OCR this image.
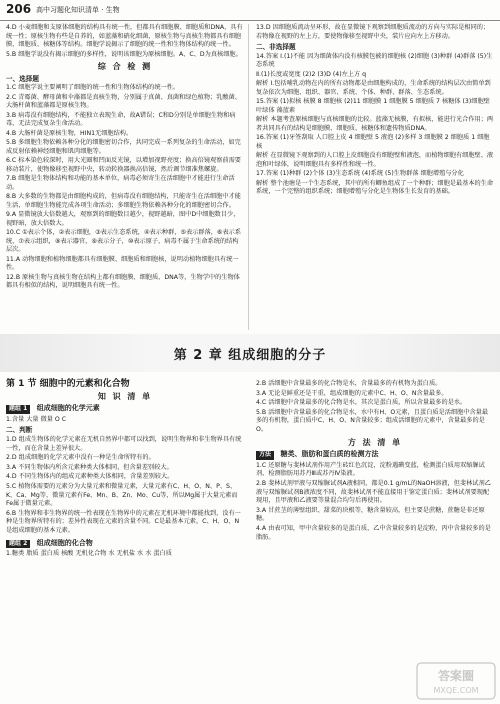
206 高中习题化知识清单 · 生物

4.D 小麦细胞和支原体细胞的结构具有统一性，但都具有细胞膜、细胞质和DNA，具有统一性；原核生物有些是自养的，如蓝藻和硝化细菌，原核生物与真核生物都具有细胞膜、细胞质、核糖体等结构。细胞学说揭示了细胞的统一性和生物体结构的统一性。

5.B 细胞学说没有揭示细胞的多样性，说明该细胞为原核细胞。A、C、D为真核细胞。

综 合 检 测
一、选择题

1.C 细胞学说主要阐明了细胞的统一性和生物体结构的统一性。

2.C 青霉菌、酵母菌和伞藻都是真核生物，分别属于真菌、真菌和绿色植物；乳酸菌、大肠杆菌和蓝藻都是原核生物。

3.B 病毒没有细胞结构，不能独立表现生命，故A错误；C和D分别是单细胞生物和病毒，无法完成复杂生命活动。

4.B 大肠杆菌是原核生物，HIN1无细胞结构。

5.B 多细胞生物依赖各种分化的细胞密切合作，共同完成一系列复杂的生命活动，如完成反射依赖神经细胞和肌肉细胞等。

6.C 标本染色较深时，用大光圈和凹面反光镜，以增加视野亮度；换高倍镜观察前需要移动装片，使物像移至视野中央，转动转换器换高倍镜，然后调节细准焦螺旋。

7.B 细胞是生物体结构和功能的基本单位，病毒必须寄生在活细胞中才能进行生命活动。

8.B 大多数的生物都是由细胞构成的，但病毒没有细胞结构，只能寄生在活细胞中才能生活，单细胞生物能完成各项生命活动；多细胞生物依赖各种分化的细胞密切合作。

9.A 显微镜放大倍数越大，观察到的细胞数目越少，视野越暗，图中D中细胞数目少，视野暗，放大倍数大。

10.C ①表示个体，②表示细胞，③表示生态系统，④表示种群，⑤表示群落，⑥表示系统，⑦表示组织，⑧表示器官，⑨表示分子，⑩表示原子，病毒不属于生命系统的结构层次。

11.A 动物细胞和植物细胞都具有细胞膜、细胞质和细胞核，说明动植物细胞具有统一性。

12.B 原核生物与真核生物在结构上都有细胞膜、细胞质、DNA等，生物学中的生物体都具有相似的结构，说明细胞具有统一性。

13.D 因细胞质流动呈环形，故在显微镜下观察到细胞质流动的方向与实际是相同的；若物像在视野的左上方，要使物像移至视野中央，装片应向左上方移动。

二、非选择题

14.答案 Ⅰ.(1)不能 因为细菌体内没有核膜包被的细胞核 (2)细胞 (3)种群 (4)群落 (5)生态系统

Ⅱ.(1)长度或宽度 (2)2 (3)D (4)左上方 q

解析 Ⅰ.包括哺乳动物在内的所有动物都是由细胞构成的，生命系统的结构层次由简单到复杂依次为细胞、组织、器官、系统、个体、种群、群落、生态系统。

15.答案 (1)拟核 核膜 8 细胞核 (2)11 细胞膜 1 细胞膜 5 细胞质 7 核糖体 (3)细胞壁 叶绿体 藻蓝素

解析 本题考查原核细胞与真核细胞的比较。蓝藻无核膜，有拟核，能进行光合作用；两者共同具有的结构是细胞膜、细胞质、核糖体和遗传物质DNA。

16.答案 (1)牙签刮取 人口腔上皮 4 细胞壁 5 液泡 (2)多样 3 细胞膜 2 细胞质 1 细胞核

解析 在显微镜下观察到的人口腔上皮细胞没有细胞壁和液泡，而植物细胞有细胞壁、液泡和叶绿体，说明细胞具有多样性和统一性。

17.答案 (1)种群 (2)个体 (3)生态系统 (4)系统 (5)生物群落 细胞增殖与分化

解析 整个池塘是一个生态系统，其中的所有鲫鱼组成了一个种群；细胞是最基本的生命系统，一个完整的组织系统；细胞增殖与分化是生物体生长发育的基础。

第 2 章 组成细胞的分子
第 1 节 细胞中的元素和化合物
知 识 清 单
题组 1 组成细胞的化学元素

1.含量 大量 微量 O C

二、判断

1.D 组成生物体的化学元素在无机自然界中都可以找到，说明生物界和非生物界具有统一性，而在含量上差异很大。

2.D 组成细胞的化学元素中没有一种是生命所特有的。

3.A 不同生物体内所含元素种类大体相同，但含量差别较大。

4.D 不同生物体内的组成元素种类大体相同，含量差别较大。

5.C 植物体需要的元素分为大量元素和微量元素，大量元素有C、H、O、N、P、S、K、Ca、Mg等，微量元素有Fe、Mn、B、Zn、Mo、Cu等，所以Mg属于大量元素而Fe属于微量元素。

6.B 生物界和非生物界的统一性表现在生物界中的元素在无机环境中都能找到，没有一种是生物界所特有的；差异性表现在元素的含量不同。C是最基本元素，C、H、O、N是组成细胞的基本元素。

题组 2 组成细胞的化合物

1.糖类 脂质 蛋白质 核酸 无机化合物 水 无机盐 水 水 蛋白质

2.B 活细胞中含量最多的化合物是水，含量最多的有机物为蛋白质。

3.A 无论是鲜重还是干重，组成细胞的元素中C、H、O、N含量最多。

4.C 活细胞中含量最多的化合物是水，其次是蛋白质，所以含量最多的是水。

5.B 活细胞中含量最多的化合物是水，水中有H、O元素，且蛋白质是活细胞中含量最多的有机物，蛋白质中C、H、O、N含量较多；组成活细胞的元素中，含量最多的是O。

方 法 清 单
方法 糖类、脂肪和蛋白质的检测方法

1.C 还原糖与斐林试剂作用产生砖红色沉淀，淀粉遇碘变蓝，检测蛋白质用双缩脲试剂，检测脂肪用苏丹Ⅲ或苏丹Ⅳ染液。

2.B 斐林试剂甲液与双缩脲试剂A液相同，都是0.1 g/mL的NaOH溶液，但斐林试剂乙液与双缩脲试剂B液浓度不同，故斐林试剂不能直接用于鉴定蛋白质；斐林试剂要现配现用，且甲液和乙液要等量混合均匀后再使用。

3.A 甘蔗茎的薄壁组织、甜菜的块根等，糖含量较高，但主要是蔗糖，蔗糖是非还原糖。

4.A 由表可知，甲中含量较多的是蛋白质，乙中含量较多的是淀粉，丙中含量较多的是脂肪。

答案圈
MXQE.COM
